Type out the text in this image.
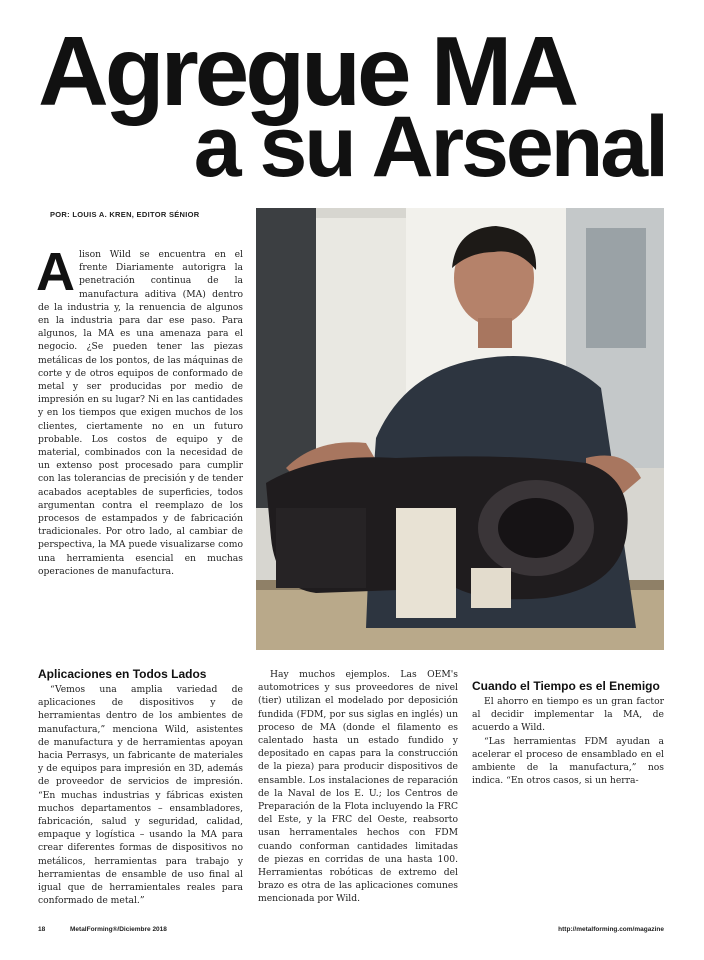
Agregue MA
a su Arsenal
POR: LOUIS A. KREN, EDITOR SÉNIOR

Alison Wild se encuentra en el frente Diariamente autorigra la penetración continua de la manufactura aditiva (MA) dentro de la industria y, la renuencia de algunos en la industria para dar ese paso. Para algunos, la MA es una amenaza para el negocio. ¿Se pueden tener las piezas metálicas de los pontos, de las máquinas de corte y de otros equipos de conformado de metal y ser producidas por medio de impresión en su lugar? Ni en las cantidades y en los tiempos que exigen muchos de los clientes, ciertamente no en un futuro probable. Los costos de equipo y de material, combinados con la necesidad de un extenso post procesado para cumplir con las tolerancias de precisión y de tender acabados aceptables de superficies, todos argumentan contra el reemplazo de los procesos de estampados y de fabricación tradicionales. Por otro lado, al cambiar de perspectiva, la MA puede visualizarse como una herramienta esencial en muchas operaciones de manufactura.

Aplicaciones en Todos Lados

“Vemos una amplia variedad de aplicaciones de dispositivos y de herramientas dentro de los ambientes de manufactura,” menciona Wild, asistentes de manufactura y de herramientas apoyan hacia Perrasys, un fabricante de materiales y de equipos para impresión en 3D, además de proveedor de servicios de impresión. “En muchas industrias y fábricas existen muchos departamentos – ensambladores, fabricación, salud y seguridad, calidad, empaque y logística – usando la MA para crear diferentes formas de dispositivos no metálicos, herramientas para trabajo y herramientas de ensamble de uso final al igual que de herramientales reales para conformado de metal.”

Hay muchos ejemplos. Las OEM's automotrices y sus proveedores de nivel (tier) utilizan el modelado por deposición fundida (FDM, por sus siglas en inglés) un proceso de MA (donde el filamento es calentado hasta un estado fundido y depositado en capas para la construcción de la pieza) para producir dispositivos de ensamble. Los instalaciones de reparación de la Naval de los E. U.; los Centros de Preparación de la Flota incluyendo la FRC del Este, y la FRC del Oeste, reabsorto usan herramentales hechos con FDM cuando conforman cantidades limitadas de piezas en corridas de una hasta 100. Herramientas robóticas de extremo del brazo es otra de las aplicaciones comunes mencionada por Wild.

Cuando el Tiempo es el Enemigo

El ahorro en tiempo es un gran factor al decidir implementar la MA, de acuerdo a Wild.

“Las herramientas FDM ayudan a acelerar el proceso de ensamblado en el ambiente de la manufactura,” nos indica. “En otros casos, si un herra-

18	MetalForming®/Diciembre 2018	http://metalforming.com/magazine
